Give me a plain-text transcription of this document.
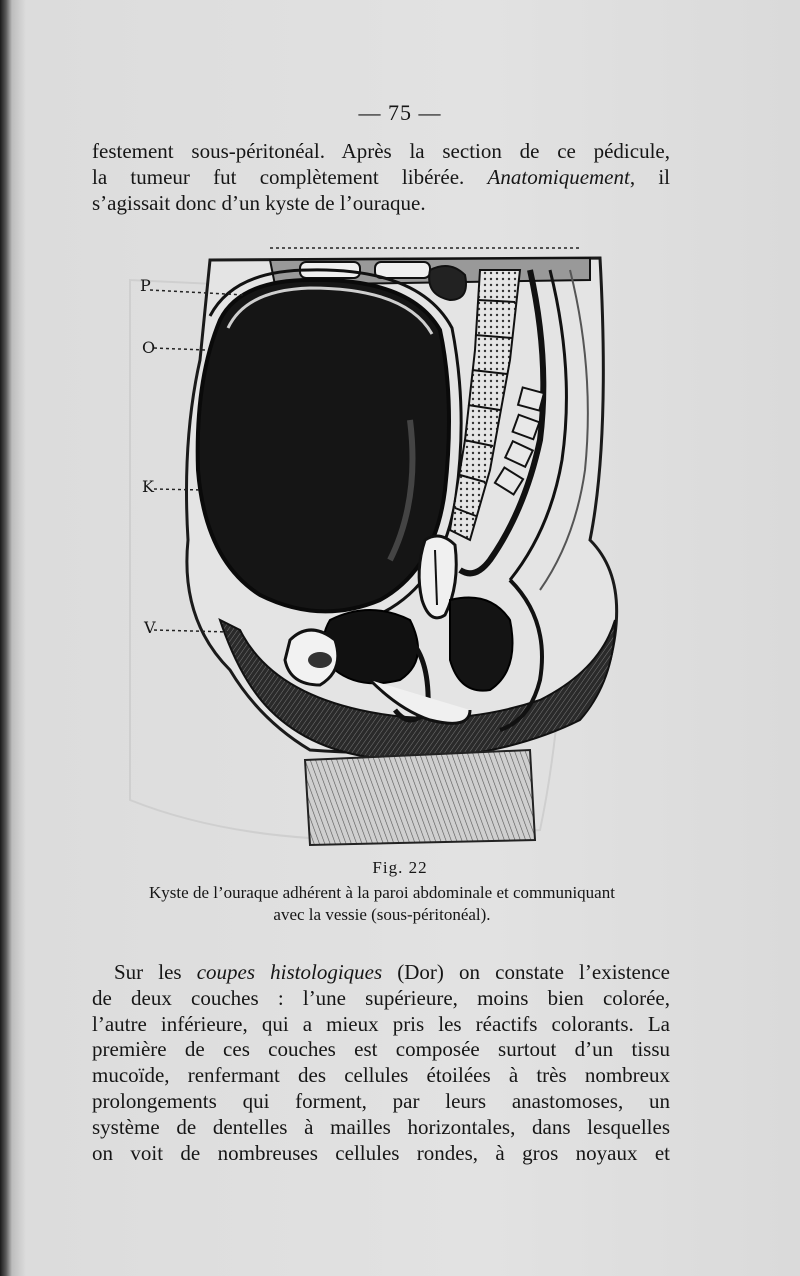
— 75 —
festement sous-péritonéal. Après la section de ce pédicule,
la tumeur fut complètement libérée. Anatomiquement, il
s’agissait donc d’un kyste de l’ouraque.
P
O
K
V
Fig. 22
Kyste de l’ouraque adhérent à la paroi abdominale et communiquant
avec la vessie (sous-péritonéal).
Sur les coupes histologiques (Dor) on constate l’existence
de deux couches : l’une supérieure, moins bien colorée,
l’autre inférieure, qui a mieux pris les réactifs colorants. La
première de ces couches est composée surtout d’un tissu
mucoïde, renfermant des cellules étoilées à très nombreux
prolongements qui forment, par leurs anastomoses, un
système de dentelles à mailles horizontales, dans lesquelles
on voit de nombreuses cellules rondes, à gros noyaux et
